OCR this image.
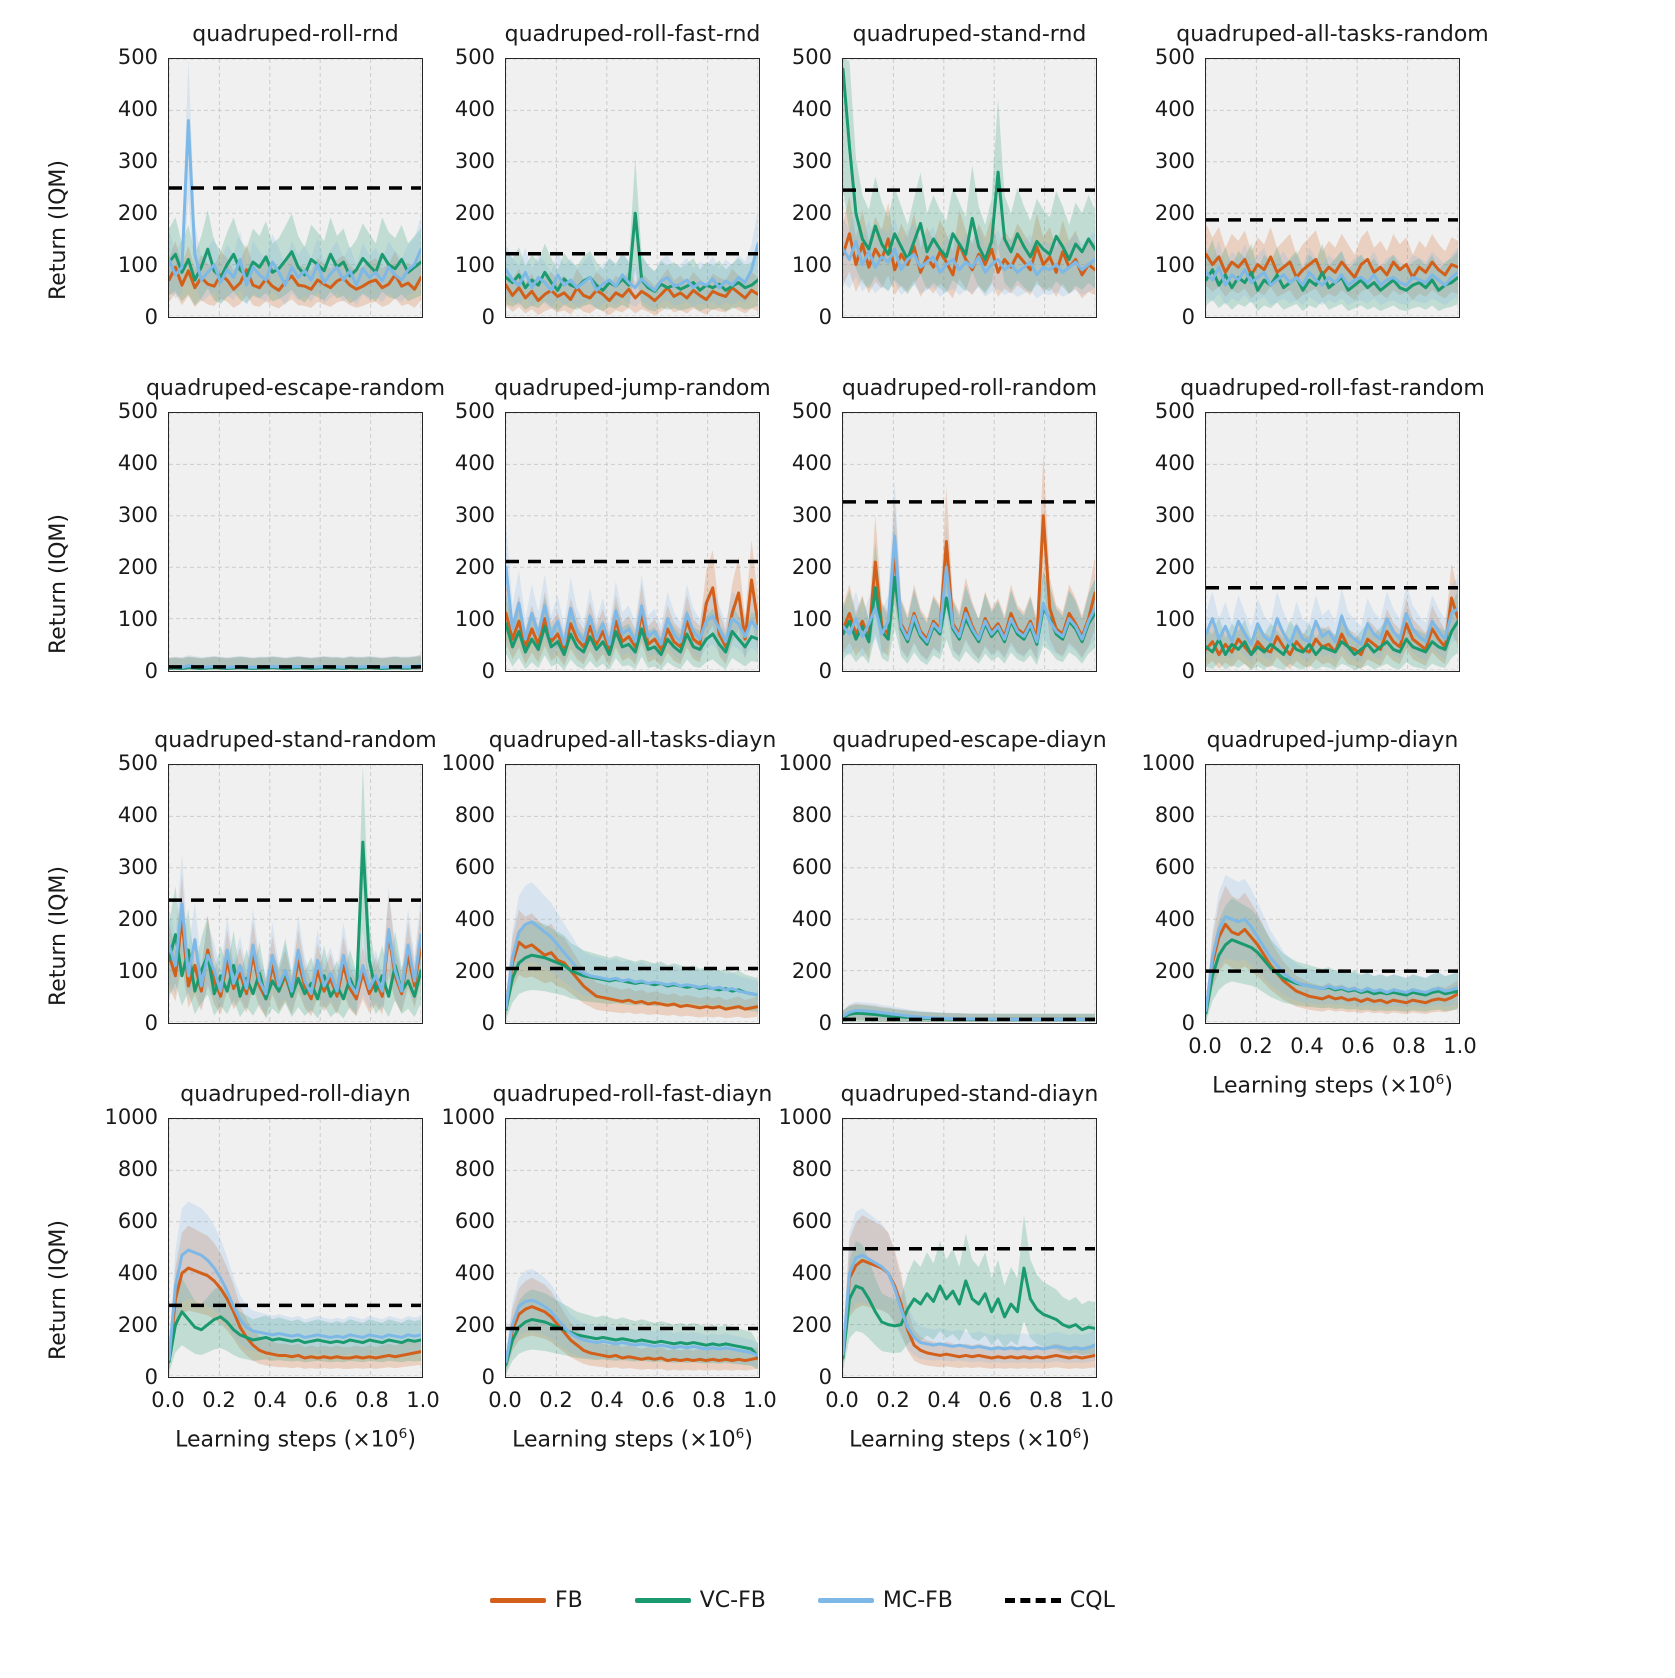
quadruped-roll-rnd
0
100
200
300
400
500
Return (IQM)
quadruped-roll-fast-rnd
0
100
200
300
400
500
quadruped-stand-rnd
0
100
200
300
400
500
quadruped-all-tasks-random
0
100
200
300
400
500
quadruped-escape-random
0
100
200
300
400
500
Return (IQM)
quadruped-jump-random
0
100
200
300
400
500
quadruped-roll-random
0
100
200
300
400
500
quadruped-roll-fast-random
0
100
200
300
400
500
quadruped-stand-random
0
100
200
300
400
500
Return (IQM)
quadruped-all-tasks-diayn
0
200
400
600
800
1000
quadruped-escape-diayn
0
200
400
600
800
1000
quadruped-jump-diayn
0
200
400
600
800
1000
0.0 0.2 0.4 0.6 0.8 1.0
Learning steps $(\times 10^6)$
quadruped-roll-diayn
0
200
400
600
800
1000
Return (IQM)
0.0 0.2 0.4 0.6 0.8 1.0
Learning steps $(\times 10^6)$
quadruped-roll-fast-diayn
0
200
400
600
800
1000
0.0 0.2 0.4 0.6 0.8 1.0
Learning steps $(\times 10^6)$
quadruped-stand-diayn
0
200
400
600
800
1000
0.0 0.2 0.4 0.6 0.8 1.0
Learning steps $(\times 10^6)$
FB	VC-FB	MC-FB	CQL
